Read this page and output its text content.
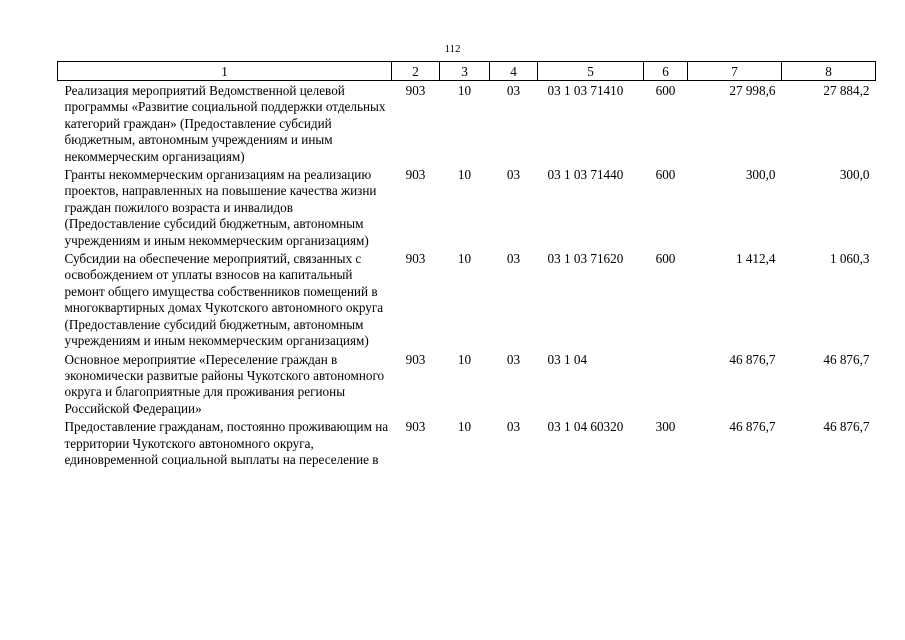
112
1	2	3	4	5	6	7	8
Реализация мероприятий Ведомственной целевой программы «Развитие социальной поддержки отдельных категорий граждан» (Предоставление субсидий бюджетным, автономным учреждениям и иным некоммерческим организациям)	903	10	03	03 1 03 71410	600	27 998,6	27 884,2
Гранты некоммерческим организациям на реализацию проектов, направленных на повышение качества жизни граждан пожилого возраста и инвалидов (Предоставление субсидий бюджетным, автономным учреждениям и иным некоммерческим организациям)	903	10	03	03 1 03 71440	600	300,0	300,0
Субсидии на обеспечение мероприятий, связанных с освобождением от уплаты взносов на капитальный ремонт общего имущества собственников помещений в многоквартирных домах Чукотского автономного округа (Предоставление субсидий бюджетным, автономным учреждениям и иным некоммерческим организациям)	903	10	03	03 1 03 71620	600	1 412,4	1 060,3
Основное мероприятие «Переселение граждан в экономически развитые районы Чукотского автономного округа и благоприятные для проживания регионы Российской Федерации»	903	10	03	03 1 04		46 876,7	46 876,7
Предоставление гражданам, постоянно проживающим на территории Чукотского автономного округа, единовременной социальной выплаты на переселение в	903	10	03	03 1 04 60320	300	46 876,7	46 876,7
